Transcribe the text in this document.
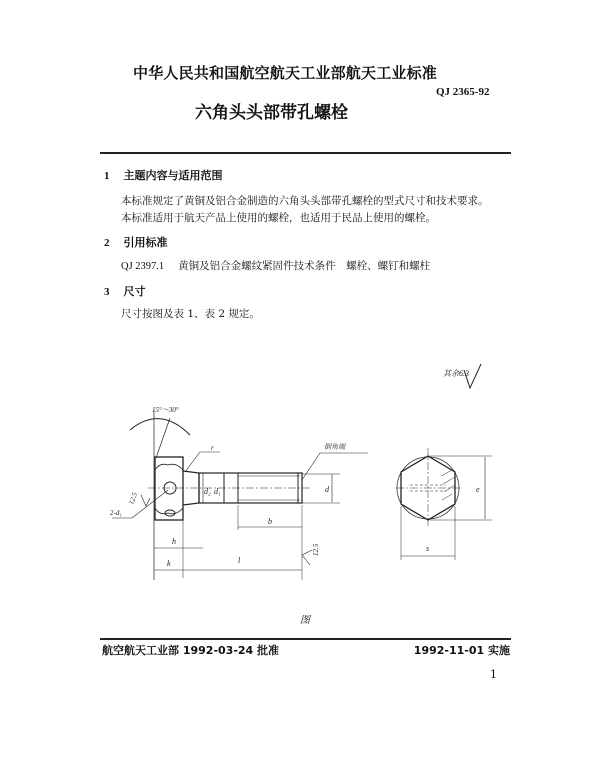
中华人民共和国航空航天工业部航天工业标准
QJ 2365-92
六角头头部带孔螺栓
1 主题内容与适用范围
本标准规定了黄铜及铝合金制造的六角头头部带孔螺栓的型式尺寸和技术要求。
本标准适用于航天产品上使用的螺栓，也适用于民品上使用的螺栓。
2 引用标准
QJ 2397.1 黄铜及铝合金螺纹紧固件技术条件　螺栓、螺钉和螺柱
3 尺寸
尺寸按图及表 1、表 2 规定。
其余6.3
15°～30°
r
d₂ d₁	d
倒角端
2-d₁
12.5
b
h
k	l
12.5
e
s
图
航空航天工业部 1992-03-24 批准	1992-11-01 实施
1
